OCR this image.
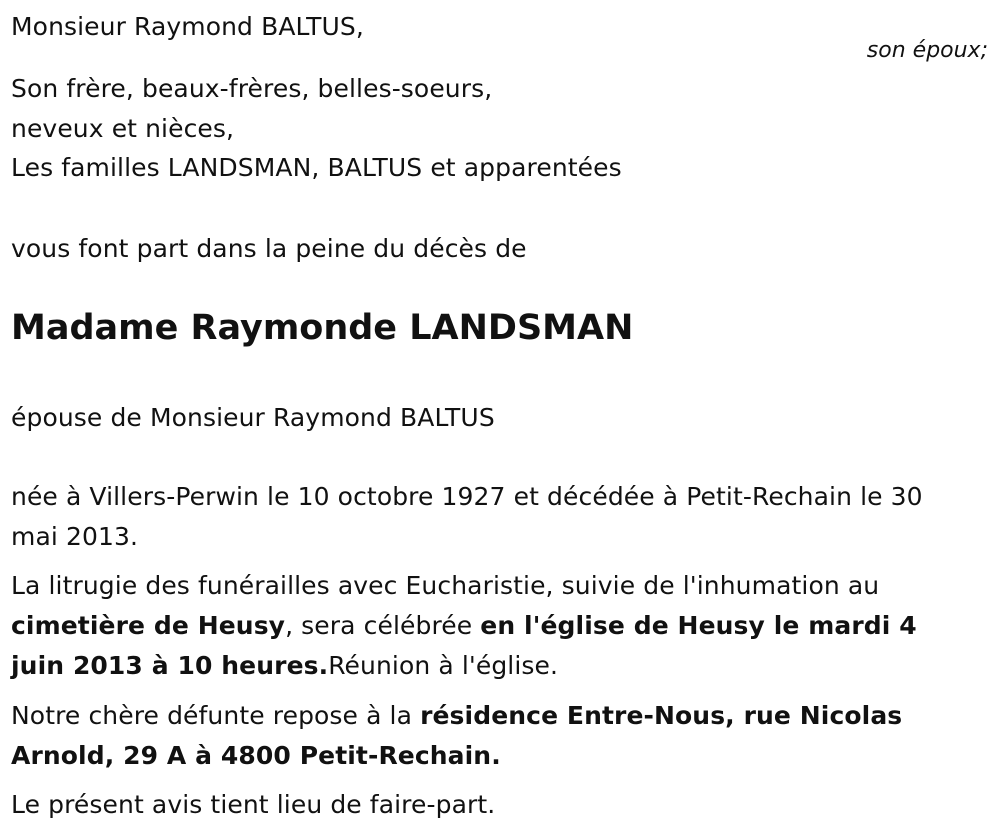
Monsieur Raymond BALTUS,
son époux;
Son frère, beaux-frères, belles-soeurs,
neveux et nièces,
Les familles LANDSMAN, BALTUS et apparentées
vous font part dans la peine du décès de
Madame Raymonde LANDSMAN
épouse de Monsieur Raymond BALTUS
née à Villers-Perwin le 10 octobre 1927 et décédée à Petit-Rechain le 30 mai 2013.
La litrugie des funérailles avec Eucharistie, suivie de l'inhumation au cimetière de Heusy, sera célébrée en l'église de Heusy le mardi 4 juin 2013 à 10 heures.Réunion à l'église.
Notre chère défunte repose à la résidence Entre-Nous, rue Nicolas Arnold, 29 A à 4800 Petit-Rechain.
Le présent avis tient lieu de faire-part.
